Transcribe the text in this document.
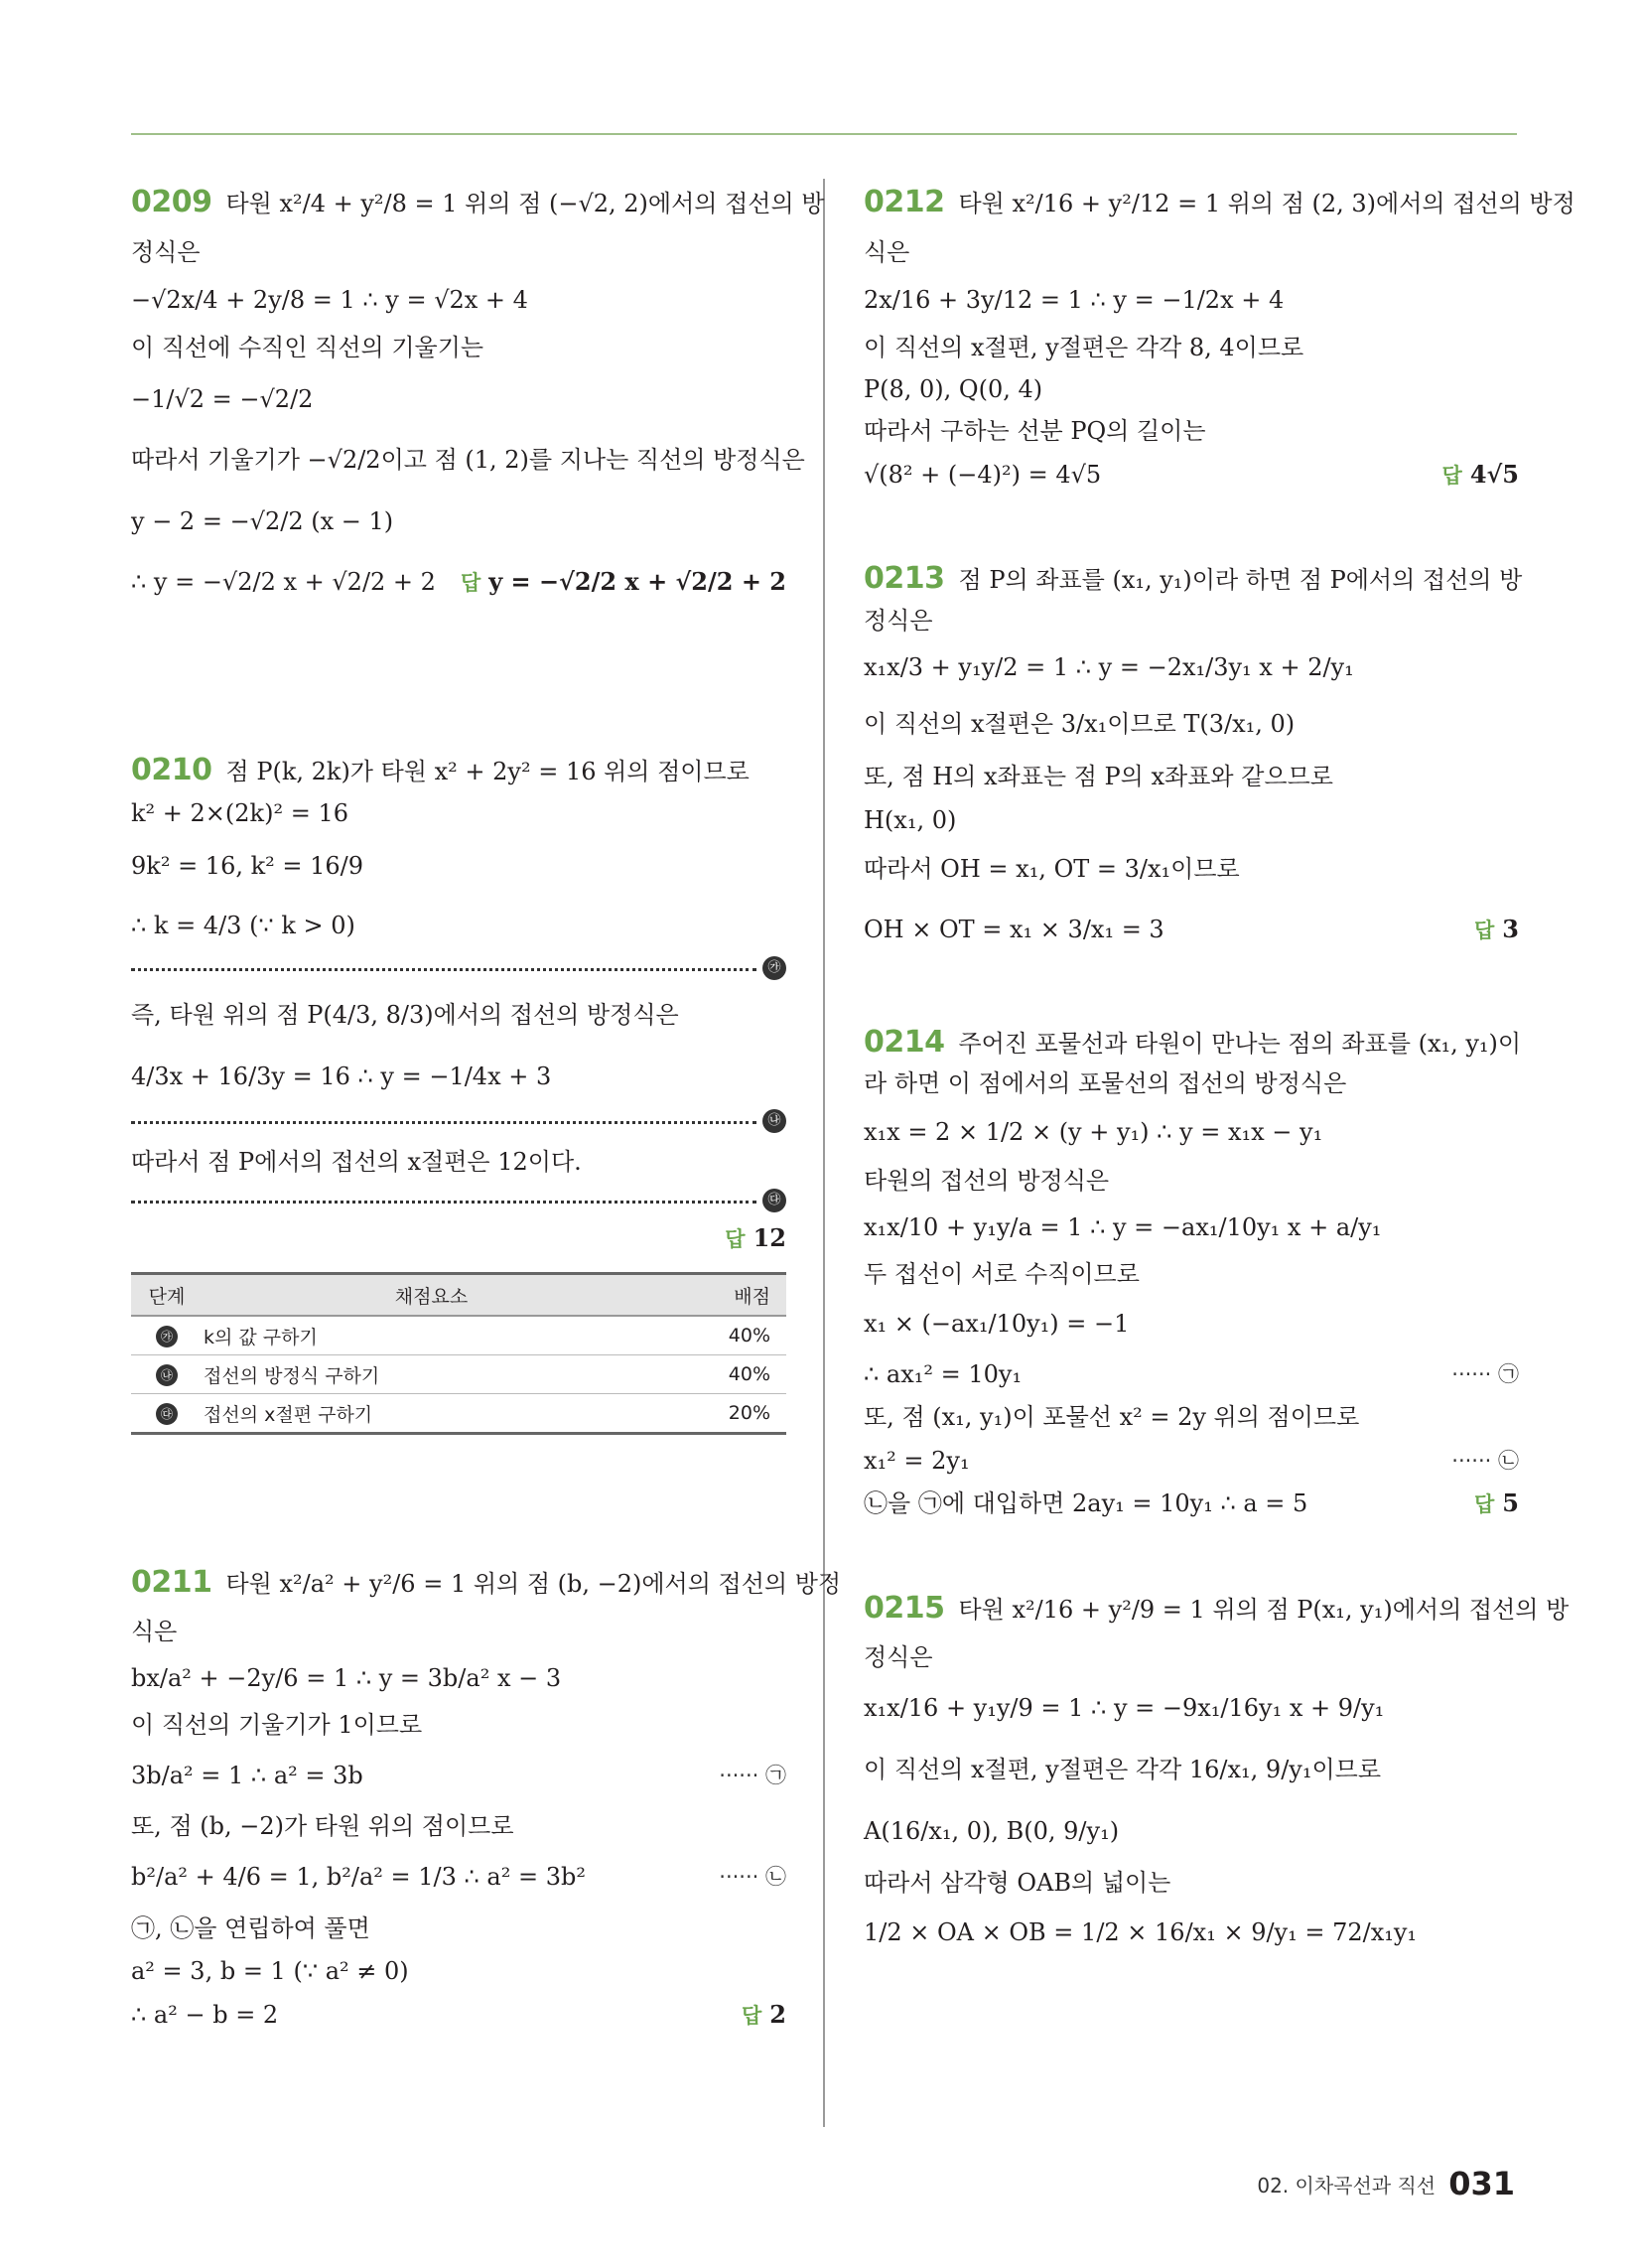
0209 타원 x²/4 + y²/8 = 1 위의 점 (−√2, 2)에서의 접선의 방

정식은

−√2x/4 + 2y/8 = 1 ∴ y = √2x + 4

이 직선에 수직인 직선의 기울기는

−1/√2 = −√2/2

따라서 기울기가 −√2/2이고 점 (1, 2)를 지나는 직선의 방정식은

y − 2 = −√2/2 (x − 1)

∴ y = −√2/2 x + √2/2 + 2 답 y = −√2/2 x + √2/2 + 2

0210 점 P(k, 2k)가 타원 x² + 2y² = 16 위의 점이므로

k² + 2×(2k)² = 16

9k² = 16, k² = 16/9

∴ k = 4/3 (∵ k > 0)

㉮

즉, 타원 위의 점 P(4/3, 8/3)에서의 접선의 방정식은

4/3x + 16/3y = 16 ∴ y = −1/4x + 3

㉯

따라서 점 P에서의 접선의 x절편은 12이다.

㉰
답 12
단계	채점요소	배점
㉮	k의 값 구하기	40%
㉯	접선의 방정식 구하기	40%
㉰	접선의 x절편 구하기	20%

0211 타원 x²/a² + y²/6 = 1 위의 점 (b, −2)에서의 접선의 방정

식은

bx/a² + −2y/6 = 1 ∴ y = 3b/a² x − 3

이 직선의 기울기가 1이므로

3b/a² = 1 ∴ a² = 3b	······ ㉠

또, 점 (b, −2)가 타원 위의 점이므로

b²/a² + 4/6 = 1, b²/a² = 1/3 ∴ a² = 3b²	······ ㉡

㉠, ㉡을 연립하여 풀면

a² = 3, b = 1 (∵ a² ≠ 0)

∴ a² − b = 2	답 2

0212 타원 x²/16 + y²/12 = 1 위의 점 (2, 3)에서의 접선의 방정

식은

2x/16 + 3y/12 = 1 ∴ y = −1/2x + 4

이 직선의 x절편, y절편은 각각 8, 4이므로

P(8, 0), Q(0, 4)

따라서 구하는 선분 PQ의 길이는

√(8² + (−4)²) = 4√5	답 4√5

0213 점 P의 좌표를 (x₁, y₁)이라 하면 점 P에서의 접선의 방

정식은

x₁x/3 + y₁y/2 = 1 ∴ y = −2x₁/3y₁ x + 2/y₁

이 직선의 x절편은 3/x₁이므로 T(3/x₁, 0)

또, 점 H의 x좌표는 점 P의 x좌표와 같으므로

H(x₁, 0)

따라서 OH = x₁, OT = 3/x₁이므로

OH × OT = x₁ × 3/x₁ = 3	답 3

0214 주어진 포물선과 타원이 만나는 점의 좌표를 (x₁, y₁)이

라 하면 이 점에서의 포물선의 접선의 방정식은

x₁x = 2 × 1/2 × (y + y₁) ∴ y = x₁x − y₁

타원의 접선의 방정식은

x₁x/10 + y₁y/a = 1 ∴ y = −ax₁/10y₁ x + a/y₁

두 접선이 서로 수직이므로

x₁ × (−ax₁/10y₁) = −1

∴ ax₁² = 10y₁	······ ㉠

또, 점 (x₁, y₁)이 포물선 x² = 2y 위의 점이므로

x₁² = 2y₁	······ ㉡

㉡을 ㉠에 대입하면 2ay₁ = 10y₁ ∴ a = 5	답 5

0215 타원 x²/16 + y²/9 = 1 위의 점 P(x₁, y₁)에서의 접선의 방

정식은

x₁x/16 + y₁y/9 = 1 ∴ y = −9x₁/16y₁ x + 9/y₁

이 직선의 x절편, y절편은 각각 16/x₁, 9/y₁이므로

A(16/x₁, 0), B(0, 9/y₁)

따라서 삼각형 OAB의 넓이는

1/2 × OA × OB = 1/2 × 16/x₁ × 9/y₁ = 72/x₁y₁

02. 이차곡선과 직선 031
